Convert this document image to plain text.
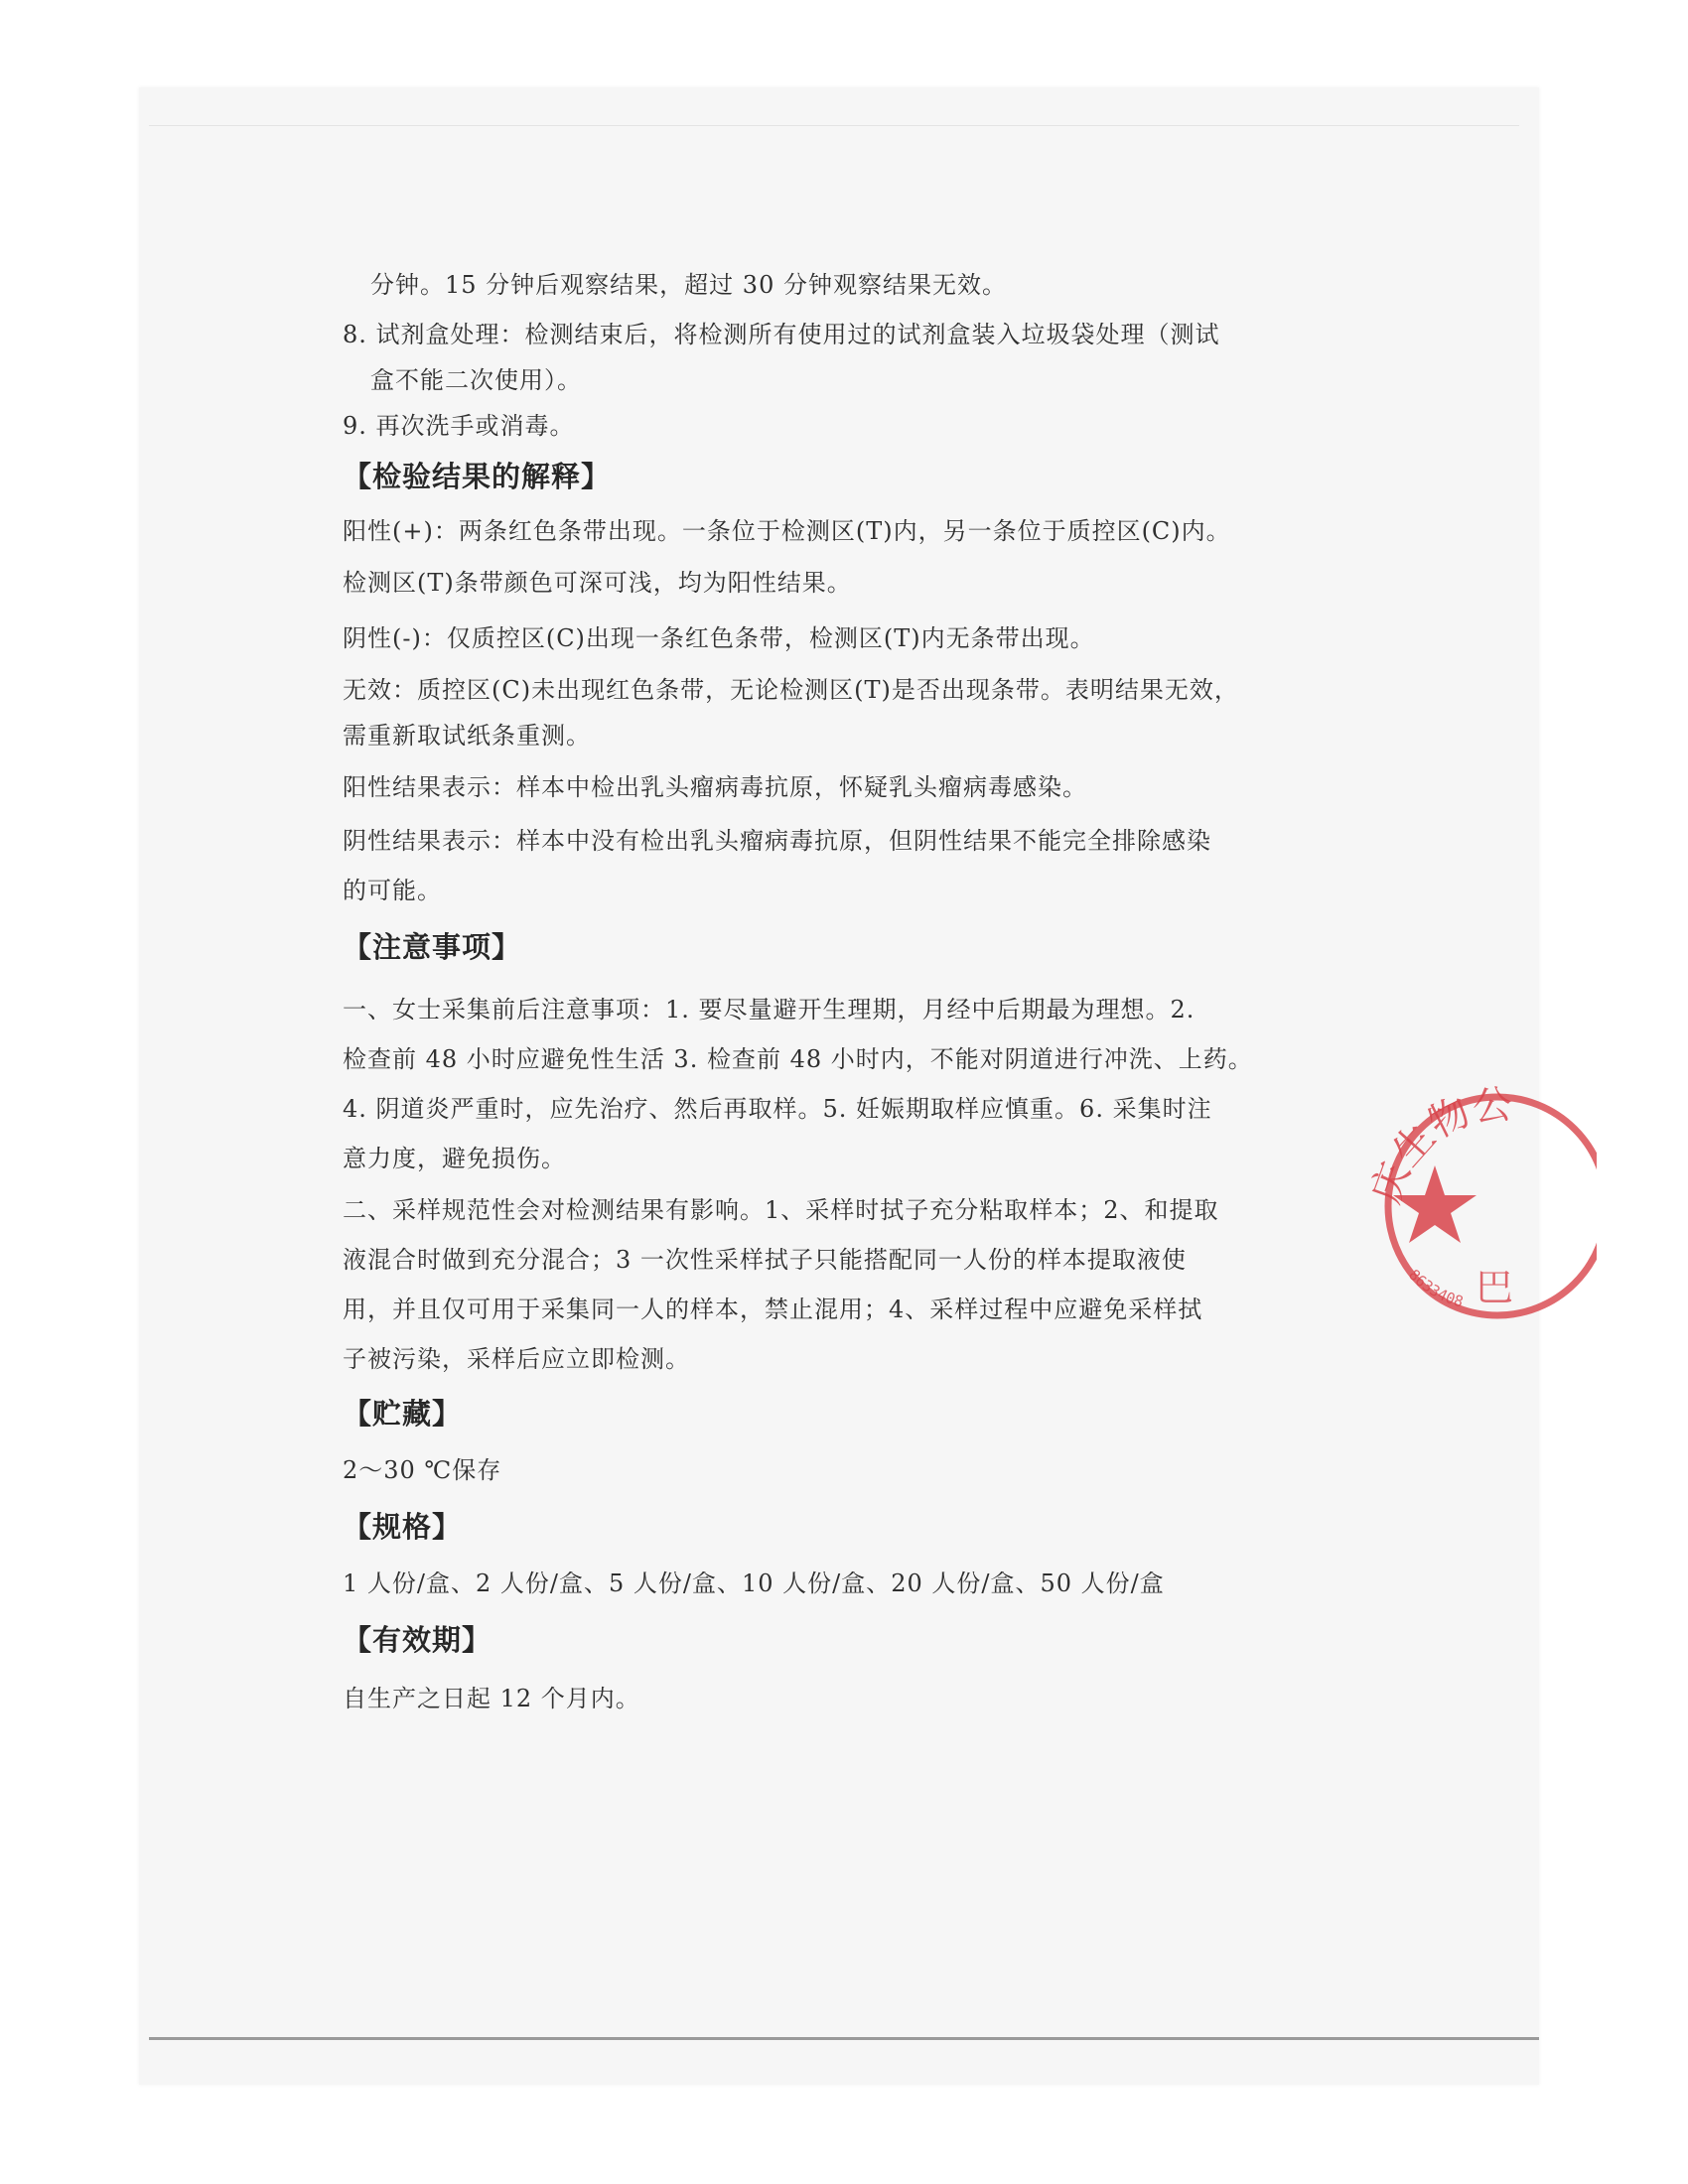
分钟。15 分钟后观察结果，超过 30 分钟观察结果无效。

8. 试剂盒处理：检测结束后，将检测所有使用过的试剂盒装入垃圾袋处理（测试

盒不能二次使用）。

9. 再次洗手或消毒。

【检验结果的解释】

阳性(+)：两条红色条带出现。一条位于检测区(T)内，另一条位于质控区(C)内。

检测区(T)条带颜色可深可浅，均为阳性结果。

阴性(-)：仅质控区(C)出现一条红色条带，检测区(T)内无条带出现。

无效：质控区(C)未出现红色条带，无论检测区(T)是否出现条带。表明结果无效，

需重新取试纸条重测。

阳性结果表示：样本中检出乳头瘤病毒抗原，怀疑乳头瘤病毒感染。

阴性结果表示：样本中没有检出乳头瘤病毒抗原，但阴性结果不能完全排除感染

的可能。

【注意事项】

一、女士采集前后注意事项：1. 要尽量避开生理期，月经中后期最为理想。2.

检查前 48 小时应避免性生活 3. 检查前 48 小时内，不能对阴道进行冲洗、上药。

4. 阴道炎严重时，应先治疗、然后再取样。5. 妊娠期取样应慎重。6. 采集时注

意力度，避免损伤。

二、采样规范性会对检测结果有影响。1、采样时拭子充分粘取样本；2、和提取

液混合时做到充分混合；3 一次性采样拭子只能搭配同一人份的样本提取液使

用，并且仅可用于采集同一人的样本，禁止混用；4、采样过程中应避免采样拭

子被污染，采样后应立即检测。

【贮藏】

2～30 ℃保存

【规格】

1 人份/盒、2 人份/盒、5 人份/盒、10 人份/盒、20 人份/盒、50 人份/盒

【有效期】

自生产之日起 12 个月内。

庆生物公
巴
8633408
